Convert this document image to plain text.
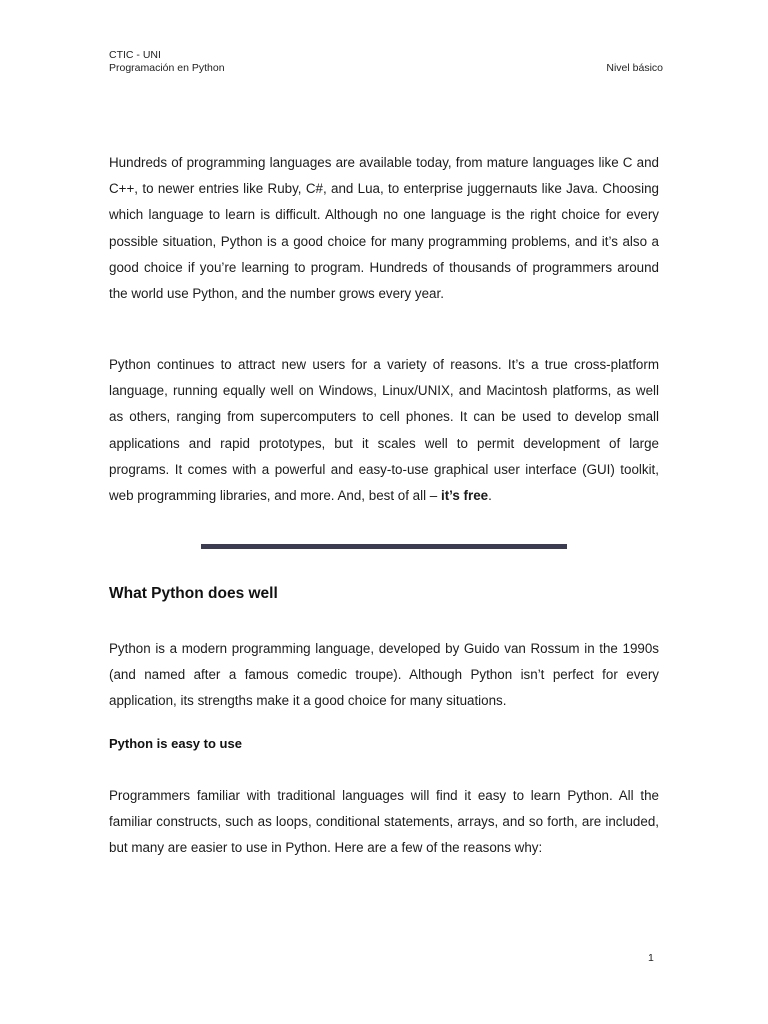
CTIC - UNI
Programación en Python	Nivel básico

Hundreds of programming languages are available today, from mature languages like C and C++, to newer entries like Ruby, C#, and Lua, to enterprise juggernauts like Java. Choosing which language to learn is difficult. Although no one language is the right choice for every possible situation, Python is a good choice for many programming problems, and it’s also a good choice if you’re learning to program. Hundreds of thousands of programmers around the world use Python, and the number grows every year.

Python continues to attract new users for a variety of reasons. It’s a true cross-platform language, running equally well on Windows, Linux/UNIX, and Macintosh platforms, as well as others, ranging from supercomputers to cell phones. It can be used to develop small applications and rapid prototypes, but it scales well to permit development of large programs. It comes with a powerful and easy-to-use graphical user interface (GUI) toolkit, web programming libraries, and more. And, best of all – it’s free.

What Python does well

Python is a modern programming language, developed by Guido van Rossum in the 1990s (and named after a famous comedic troupe). Although Python isn’t perfect for every application, its strengths make it a good choice for many situations.

Python is easy to use

Programmers familiar with traditional languages will find it easy to learn Python. All the familiar constructs, such as loops, conditional statements, arrays, and so forth, are included, but many are easier to use in Python. Here are a few of the reasons why:

1
